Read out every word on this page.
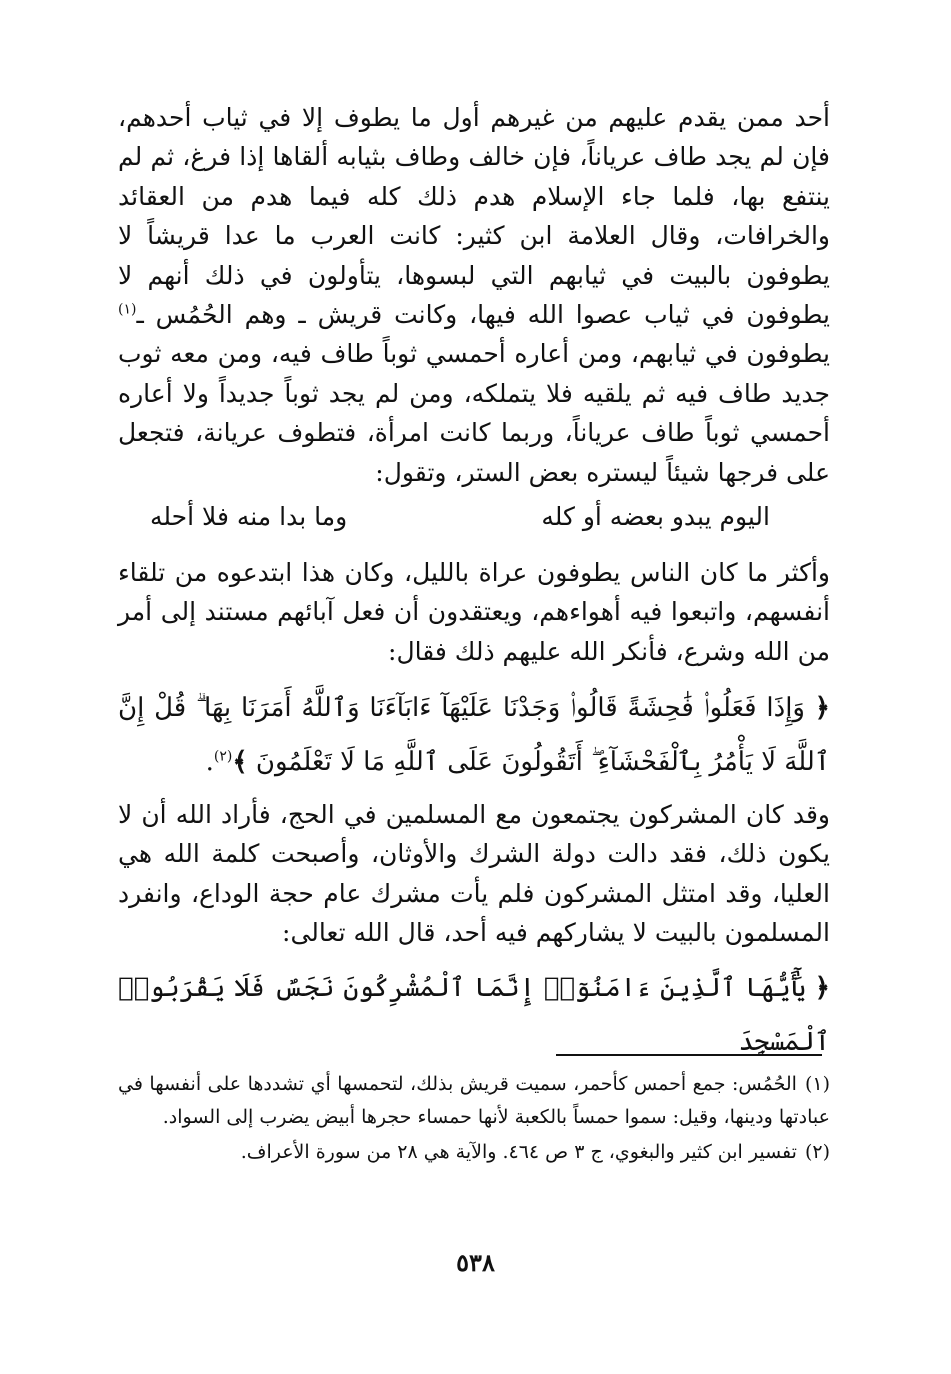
أحد ممن يقدم عليهم من غيرهم أول ما يطوف إلا في ثياب أحدهم، فإن لم يجد طاف عرياناً، فإن خالف وطاف بثيابه ألقاها إذا فرغ، ثم لم ينتفع بها، فلما جاء الإسلام هدم ذلك كله فيما هدم من العقائد والخرافات، وقال العلامة ابن كثير: كانت العرب ما عدا قريشاً لا يطوفون بالبيت في ثيابهم التي لبسوها، يتأولون في ذلك أنهم لا يطوفون في ثياب عصوا الله فيها، وكانت قريش ـ وهم الحُمُس ـ$^{(١)}$ يطوفون في ثيابهم، ومن أعاره أحمسي ثوباً طاف فيه، ومن معه ثوب جديد طاف فيه ثم يلقيه فلا يتملكه، ومن لم يجد ثوباً جديداً ولا أعاره أحمسي ثوباً طاف عرياناً، وربما كانت امرأة، فتطوف عريانة، فتجعل على فرجها شيئاً ليستره بعض الستر، وتقول:

اليوم يبدو بعضه أو كله
وما بدا منه فلا أحله

وأكثر ما كان الناس يطوفون عراة بالليل، وكان هذا ابتدعوه من تلقاء أنفسهم، واتبعوا فيه أهواءهم، ويعتقدون أن فعل آبائهم مستند إلى أمر من الله وشرع، فأنكر الله عليهم ذلك فقال:

﴿ وَإِذَا فَعَلُوا۟ فَٰحِشَةً قَالُوا۟ وَجَدْنَا عَلَيْهَآ ءَابَآءَنَا وَٱللَّهُ أَمَرَنَا بِهَا ۗ قُلْ إِنَّ ٱللَّهَ لَا يَأْمُرُ بِٱلْفَحْشَآءِ ۖ أَتَقُولُونَ عَلَى ٱللَّهِ مَا لَا تَعْلَمُونَ ﴾$^{(٢)}$.

وقد كان المشركون يجتمعون مع المسلمين في الحج، فأراد الله أن لا يكون ذلك، فقد دالت دولة الشرك والأوثان، وأصبحت كلمة الله هي العليا، وقد امتثل المشركون فلم يأت مشرك عام حجة الوداع، وانفرد المسلمون بالبيت لا يشاركهم فيه أحد، قال الله تعالى:

﴿ يَٰٓأَيُّهَا ٱلَّذِينَ ءَامَنُوٓا۟ إِنَّمَا ٱلْمُشْرِكُونَ نَجَسٌ فَلَا يَقْرَبُوا۟ ٱلْمَسْجِدَ

(١)الحُمُس: جمع أحمس كأحمر، سميت قريش بذلك، لتحمسها أي تشددها على أنفسها في عبادتها ودينها، وقيل: سموا حمساً بالكعبة لأنها حمساء حجرها أبيض يضرب إلى السواد.

(٢)تفسير ابن كثير والبغوي، ج ٣ ص ٤٦٤. والآية هي ٢٨ من سورة الأعراف.

٥٣٨
